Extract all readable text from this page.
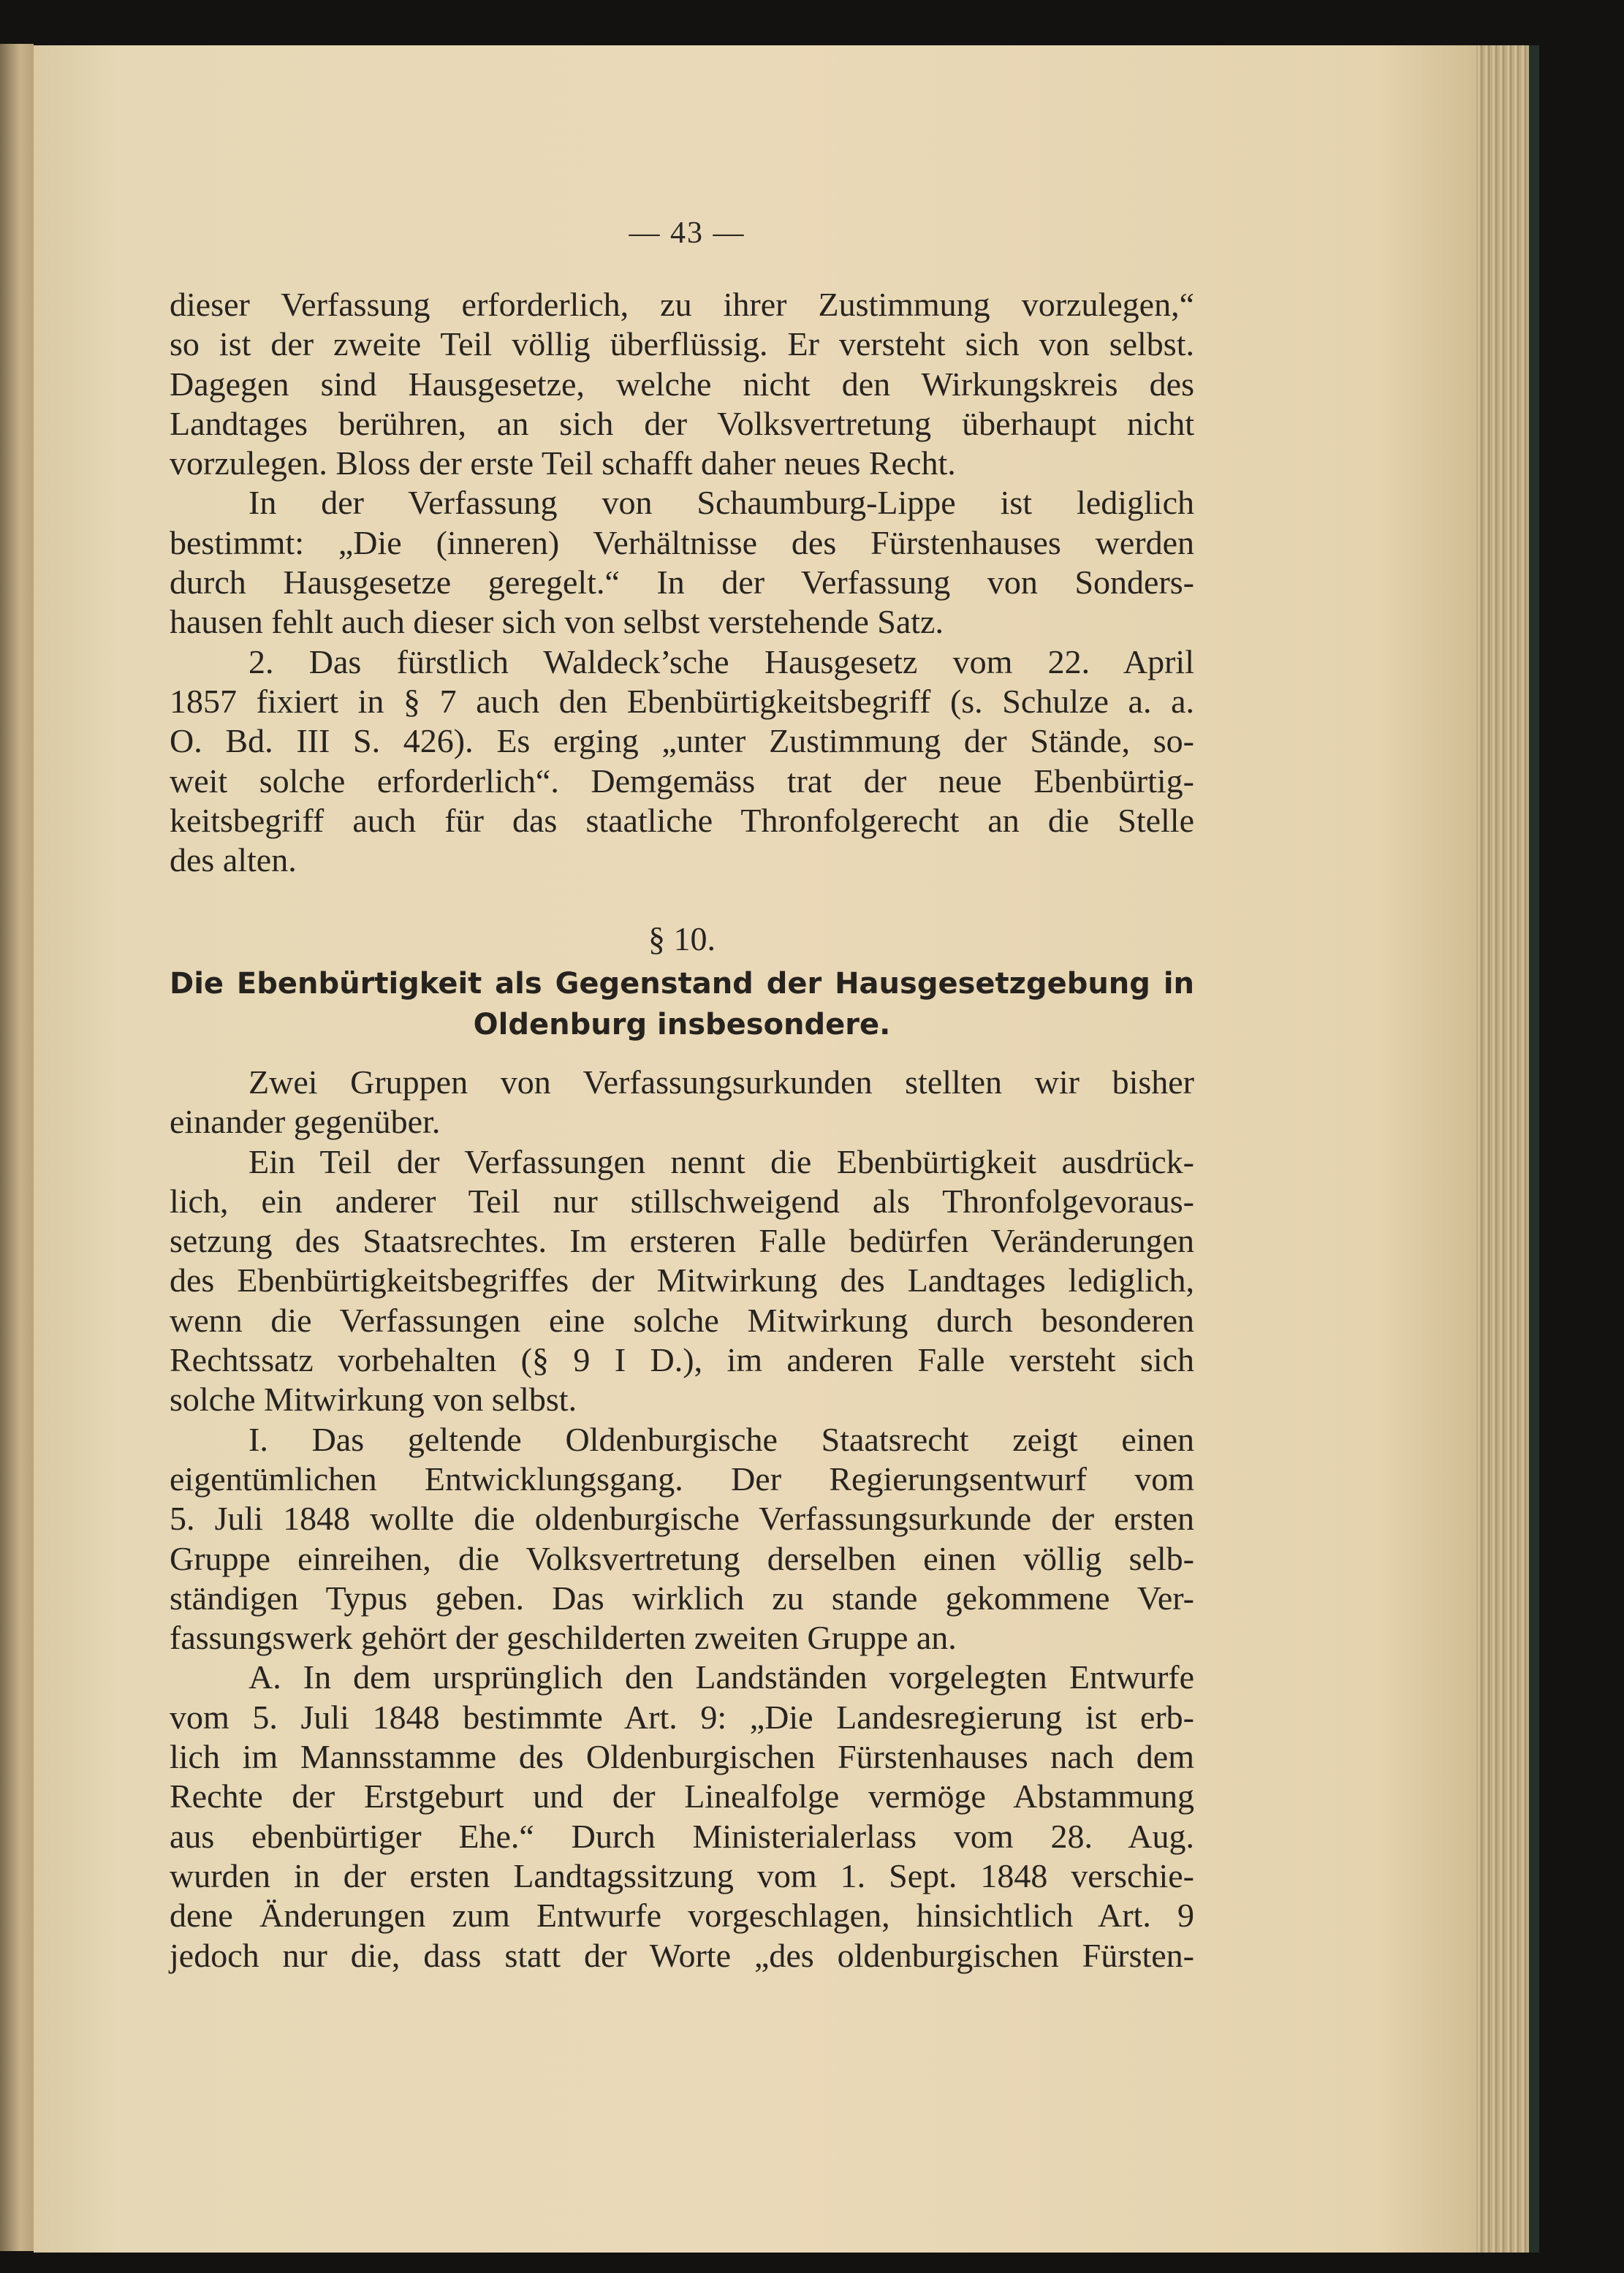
— 43 —
dieser Verfassung erforderlich, zu ihrer Zustimmung vorzulegen,“
so ist der zweite Teil völlig überflüssig. Er versteht sich von selbst.
Dagegen sind Hausgesetze, welche nicht den Wirkungskreis des
Landtages berühren, an sich der Volksvertretung überhaupt nicht
vorzulegen. Bloss der erste Teil schafft daher neues Recht.
In der Verfassung von Schaumburg-Lippe ist lediglich
bestimmt: „Die (inneren) Verhältnisse des Fürstenhauses werden
durch Hausgesetze geregelt.“ In der Verfassung von Sonders-
hausen fehlt auch dieser sich von selbst verstehende Satz.
2. Das fürstlich Waldeck’sche Hausgesetz vom 22. April
1857 fixiert in § 7 auch den Ebenbürtigkeitsbegriff (s. Schulze a. a.
O. Bd. III S. 426). Es erging „unter Zustimmung der Stände, so-
weit solche erforderlich“. Demgemäss trat der neue Ebenbürtig-
keitsbegriff auch für das staatliche Thronfolgerecht an die Stelle
des alten.
§ 10.
Die Ebenbürtigkeit als Gegenstand der Hausgesetzgebung in
Oldenburg insbesondere.
Zwei Gruppen von Verfassungsurkunden stellten wir bisher
einander gegenüber.
Ein Teil der Verfassungen nennt die Ebenbürtigkeit ausdrück-
lich, ein anderer Teil nur stillschweigend als Thronfolgevoraus-
setzung des Staatsrechtes. Im ersteren Falle bedürfen Veränderungen
des Ebenbürtigkeitsbegriffes der Mitwirkung des Landtages lediglich,
wenn die Verfassungen eine solche Mitwirkung durch besonderen
Rechtssatz vorbehalten (§ 9 I D.), im anderen Falle versteht sich
solche Mitwirkung von selbst.
I. Das geltende Oldenburgische Staatsrecht zeigt einen
eigentümlichen Entwicklungsgang. Der Regierungsentwurf vom
5. Juli 1848 wollte die oldenburgische Verfassungsurkunde der ersten
Gruppe einreihen, die Volksvertretung derselben einen völlig selb-
ständigen Typus geben. Das wirklich zu stande gekommene Ver-
fassungswerk gehört der geschilderten zweiten Gruppe an.
A. In dem ursprünglich den Landständen vorgelegten Entwurfe
vom 5. Juli 1848 bestimmte Art. 9: „Die Landesregierung ist erb-
lich im Mannsstamme des Oldenburgischen Fürstenhauses nach dem
Rechte der Erstgeburt und der Linealfolge vermöge Abstammung
aus ebenbürtiger Ehe.“ Durch Ministerialerlass vom 28. Aug.
wurden in der ersten Landtagssitzung vom 1. Sept. 1848 verschie-
dene Änderungen zum Entwurfe vorgeschlagen, hinsichtlich Art. 9
jedoch nur die, dass statt der Worte „des oldenburgischen Fürsten-
